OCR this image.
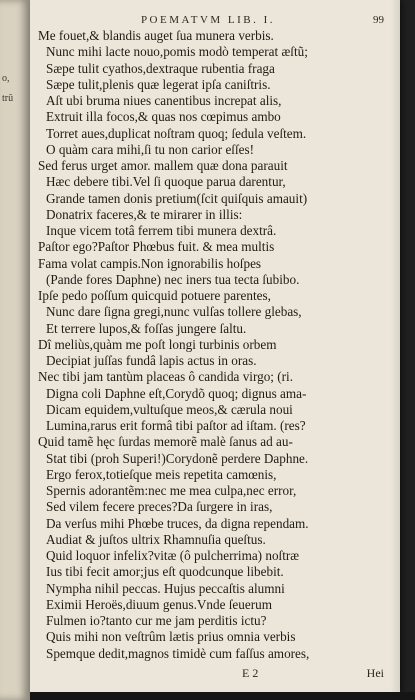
o,
trû
POEMATVM LIB. I.	99
Me fouet,& blandis auget ſua munera verbis.
Nunc mihi lacte nouo,pomis modò temperat æſtũ;
Sæpe tulit cyathos,dextraque rubentia fraga
Sæpe tulit,plenis quæ legerat ipſa caniſtris.
Aſt ubi bruma niues canentibus increpat alis,
Extruit illa focos,& quas nos cœpimus ambo
Torret aues,duplicat noſtram quoq; ſedula veſtem.
O quàm cara mihi,ſi tu non carior eſſes!
Sed ferus urget amor. mallem quæ dona parauit
Hæc debere tibi.Vel ſi quoque parua darentur,
Grande tamen donis pretium(ſcit quiſquis amauit)
Donatrix faceres,& te mirarer in illis:
Inque vicem totâ ferrem tibi munera dextrâ.
Paſtor ego?Paſtor Phœbus fuit. & mea multis
Fama volat campis.Non ignorabilis hoſpes
(Pande fores Daphne) nec iners tua tecta ſubibo.
Ipſe pedo poſſum quicquid potuere parentes,
Nunc dare ſigna gregi,nunc vulſas tollere glebas,
Et terrere lupos,& foſſas jungere ſaltu.
Dî meliùs,quàm me poſt longi turbinis orbem
Decipiat juſſas fundâ lapis actus in oras.
Nec tibi jam tantùm placeas ô candida virgo; (ri.
Digna coli Daphne eſt,Corydõ quoq; dignus ama-
Dicam equidem,vultuſque meos,& cærula noui
Lumina,rarus erit formâ tibi paſtor ad iſtam. (res?
Quid tamẽ hęc ſurdas memorẽ malè ſanus ad au-
Stat tibi (proh Superi!)Corydonẽ perdere Daphne.
Ergo ferox,totieſque meis repetita camœnis,
Spernis adorantẽm:nec me mea culpa,nec error,
Sed vilem fecere preces?Da ſurgere in iras,
Da verſus mihi Phœbe truces, da digna rependam.
Audiat & juſtos ultrix Rhamnuſia queſtus.
Quid loquor infelix?vitæ (ô pulcherrima) noſtræ
Ius tibi fecit amor;jus eſt quodcunque libebit.
Nympha nihil peccas. Hujus peccaſtis alumni
Eximii Heroës,diuum genus.Vnde ſeuerum
Fulmen io?tanto cur me jam perditis ictu?
Quis mihi non veſtrûm lætis prius omnia verbis
Spemque dedit,magnos timidè cum faſſus amores,
E 2	Hei
